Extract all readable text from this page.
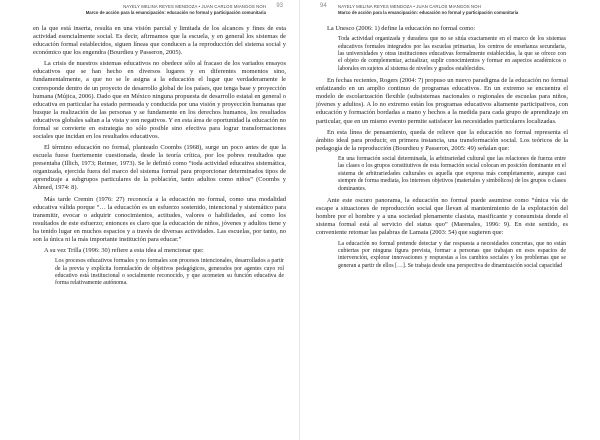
NAYELY MELINA REYES MENDOZA • JUAN CARLOS MIANGOS NOH
Marco de acción para la emancipación: educación no formal y participación comunitaria
93

en la que está inserta, resulta en una visión parcial y limitada de los alcances y fines de esta actividad esencialmente social. Es decir, afirmamos que la escuela, y en general los sistemas de educación formal establecidos, siguen líneas que conducen a la reproducción del sistema social y económico que los engendra (Bourdieu y Passeron, 2005).

La crisis de nuestros sistemas educativos no obedece sólo al fracaso de los variados ensayos educativos que se han hecho en diversos lugares y en diferentes momentos sino, fundamentalmente, a que no se le asigna a la educación el lugar que verdaderamente le corresponde dentro de un proyecto de desarrollo global de los países, que tenga base y proyección humana (Mújica, 2006). Dado que en México ninguna propuesta de desarrollo estatal en general o educativa en particular ha estado permeada y conducida por una visión y proyección humanas que busque la realización de las personas y se fundamente en los derechos humanos, los resultados educativos globales saltan a la vista y son negativos. Y en esta área de oportunidad la educación no formal se convierte en estrategia no sólo posible sino efectiva para lograr transformaciones sociales que incidan en los resultados educativos.

El término educación no formal, planteado Coombs (1968), surge un poco antes de que la escuela fuese fuertemente cuestionada, desde la teoría crítica, por los pobres resultados que presentaba (Illich, 1973; Reimer, 1973). Se le definió como “toda actividad educativa sistemática, organizada, ejercida fuera del marco del sistema formal para proporcionar determinados tipos de aprendizaje a subgrupos particulares de la población, tanto adultos como niños” (Coombs y Ahmed, 1974: 8).

Más tarde Cremin (1976: 27) reconocía a la educación no formal, como una modalidad educativa válida porque “… la educación es un esfuerzo sostenido, intencional y sistemático para transmitir, evocar o adquirir conocimientos, actitudes, valores o habilidades, así como los resultados de este esfuerzo; entonces es claro que la educación de niños, jóvenes y adultos tiene y ha tenido lugar en muchos espacios y a través de diversas actividades. Las escuelas, por tanto, no son la única ni la más importante institución para educar.”

A su vez Trilla (1996: 30) refiere a esta idea al mencionar que:

Los procesos educativos formales y no formales son procesos intencionales, desarrollados a partir de la previa y explícita formulación de objetivos pedagógicos, generados por agentes cuyo rol educativo está institucional o socialmente reconocido, y que acometen su función educativa de forma relativamente autónoma.
94	NAYELY MELINA REYES MENDOZA • JUAN CARLOS MIANGOS NOH
Marco de acción para la emancipación: educación no formal y participación comunitaria

La Unesco (2006: 1) define la educación no formal como:

Toda actividad organizada y duradera que no se sitúa exactamente en el marco de los sistemas educativos formales integrados por las escuelas primarias, los centros de enseñanza secundaria, las universidades y otras instituciones educativas formalmente establecidas, la que se ofrece con el objeto de complementar, actualizar, suplir conocimientos y formar en aspectos académicos o laborales en sujetos al sistema de niveles y grados establecidos.

En fechas recientes, Rogers (2004: 7) propuso un nuevo paradigma de la educación no formal enfatizando en un amplio continuo de programas educativos. En un extremo se encuentra el modelo de escolarización flexible (subsistemas nacionales o regionales de escuelas para niños, jóvenes y adultos). A lo no extremo están los programas educativos altamente participativos, con educación y formación bordadas a mano y hechos a la medida para cada grupo de aprendizaje en particular, que en un mismo evento permite satisfacer las necesidades particulares localizadas.

En esta línea de pensamiento, queda de relieve que la educación no formal representa el ámbito ideal para producir, en primera instancia, una transformación social. Los teóricos de la pedagogía de la reproducción (Bourdieu y Passeron, 2005: 49) señalan que:

En una formación social determinada, la arbitrariedad cultural que las relaciones de fuerza entre las clases o los grupos constitutivos de esta formación social colocan en posición dominante en el sistema de arbitrariedades culturales es aquella que expresa más completamente, aunque casi siempre de forma mediata, los intereses objetivos (materiales y simbólicos) de los grupos o clases dominantes.

Ante este oscuro panorama, la educación no formal puede asumirse como “única vía de escape a situaciones de reproducción social que llevan al mantenimiento de la explotación del hombre por el hombre y a una sociedad plenamente clasista, masificante y consumista donde el sistema formal está al servicio del status quo” (Marenales, 1996: 9). En este sentido, es conveniente retomar las palabras de Lamata (2003: 54) que sugieren que:

La educación no formal pretende detectar y dar respuesta a necesidades concretas, que no están cubiertas por ninguna figura prevista, formar a personas que trabajan en esos espacios de intervención, explorar innovaciones y respuestas a los cambios sociales y los problemas que se generan a partir de ellos […]. Se trabaja desde una perspectiva de dinamización social capacidad
